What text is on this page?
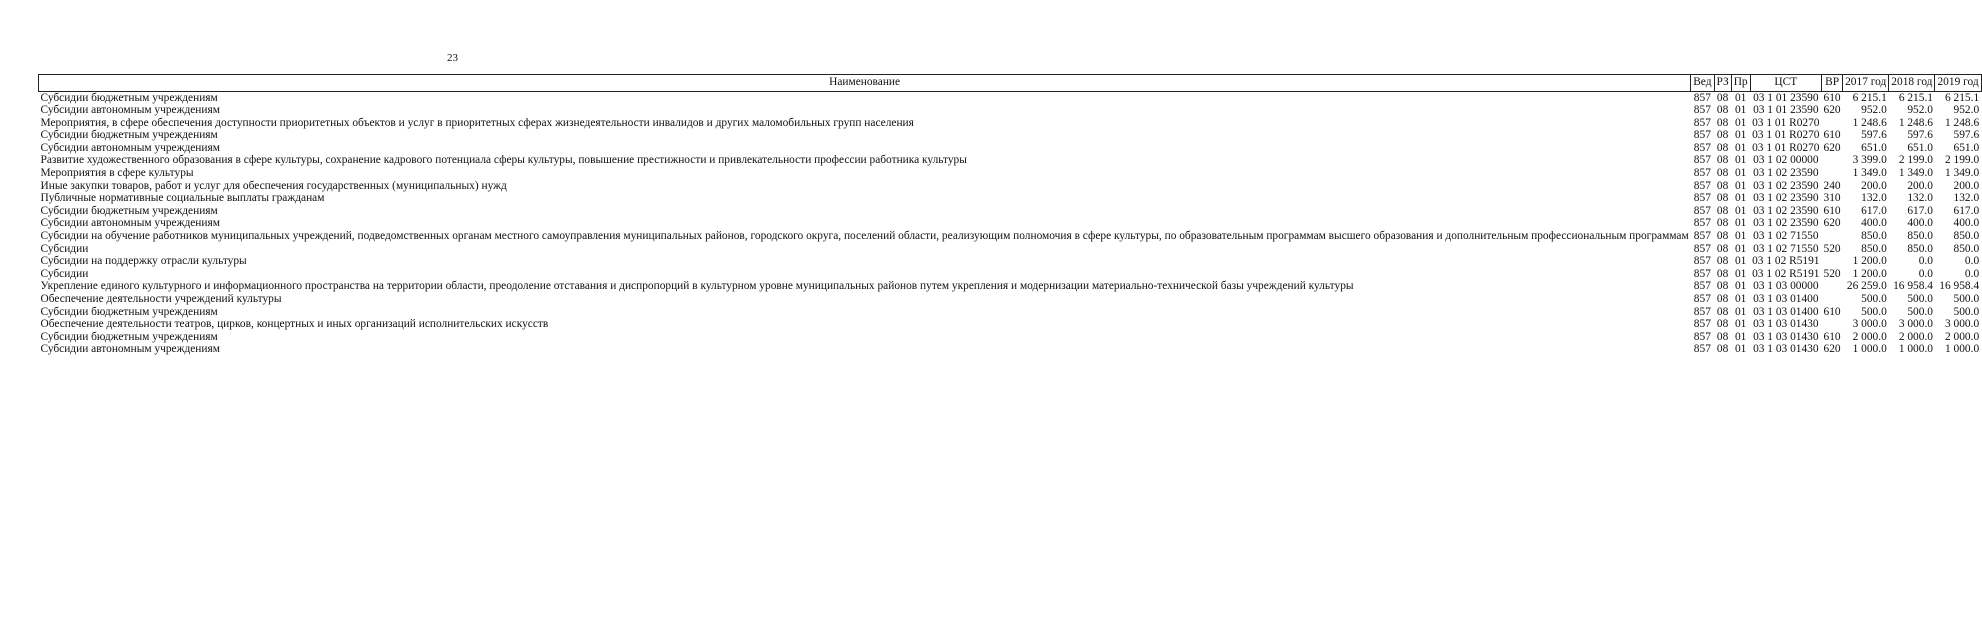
23
Наименование	Вед	РЗ	Пр	ЦСТ	ВР	2017 год	2018 год	2019 год
Субсидии бюджетным учреждениям	857	08	01	03 1 01 23590	610	6 215.1	6 215.1	6 215.1
Субсидии автономным учреждениям	857	08	01	03 1 01 23590	620	952.0	952.0	952.0
Мероприятия, в сфере обеспечения доступности приоритетных объектов и услуг в приоритетных сферах жизнедеятельности инвалидов и других маломобильных групп населения	857	08	01	03 1 01 R0270		1 248.6	1 248.6	1 248.6
Субсидии бюджетным учреждениям	857	08	01	03 1 01 R0270	610	597.6	597.6	597.6
Субсидии автономным учреждениям	857	08	01	03 1 01 R0270	620	651.0	651.0	651.0
Развитие художественного образования в сфере культуры, сохранение кадрового потенциала сферы культуры, повышение престижности и привлекательности профессии работника культуры	857	08	01	03 1 02 00000		3 399.0	2 199.0	2 199.0
Мероприятия в сфере культуры	857	08	01	03 1 02 23590		1 349.0	1 349.0	1 349.0
Иные закупки товаров, работ и услуг для обеспечения государственных (муниципальных) нужд	857	08	01	03 1 02 23590	240	200.0	200.0	200.0
Публичные нормативные социальные выплаты гражданам	857	08	01	03 1 02 23590	310	132.0	132.0	132.0
Субсидии бюджетным учреждениям	857	08	01	03 1 02 23590	610	617.0	617.0	617.0
Субсидии автономным учреждениям	857	08	01	03 1 02 23590	620	400.0	400.0	400.0
Субсидии на обучение работников муниципальных учреждений, подведомственных органам местного самоуправления муниципальных районов, городского округа, поселений области, реализующим полномочия в сфере культуры, по образовательным программам высшего образования и дополнительным профессиональным программам	857	08	01	03 1 02 71550		850.0	850.0	850.0
Субсидии	857	08	01	03 1 02 71550	520	850.0	850.0	850.0
Субсидии на поддержку отрасли культуры	857	08	01	03 1 02 R5191		1 200.0	0.0	0.0
Субсидии	857	08	01	03 1 02 R5191	520	1 200.0	0.0	0.0
Укрепление единого культурного и информационного пространства на территории области, преодоление отставания и диспропорций в культурном уровне муниципальных районов путем укрепления и модернизации материально-технической базы учреждений культуры	857	08	01	03 1 03 00000		26 259.0	16 958.4	16 958.4
Обеспечение деятельности учреждений культуры	857	08	01	03 1 03 01400		500.0	500.0	500.0
Субсидии бюджетным учреждениям	857	08	01	03 1 03 01400	610	500.0	500.0	500.0
Обеспечение деятельности театров, цирков, концертных и иных организаций исполнительских искусств	857	08	01	03 1 03 01430		3 000.0	3 000.0	3 000.0
Субсидии бюджетным учреждениям	857	08	01	03 1 03 01430	610	2 000.0	2 000.0	2 000.0
Субсидии автономным учреждениям	857	08	01	03 1 03 01430	620	1 000.0	1 000.0	1 000.0
